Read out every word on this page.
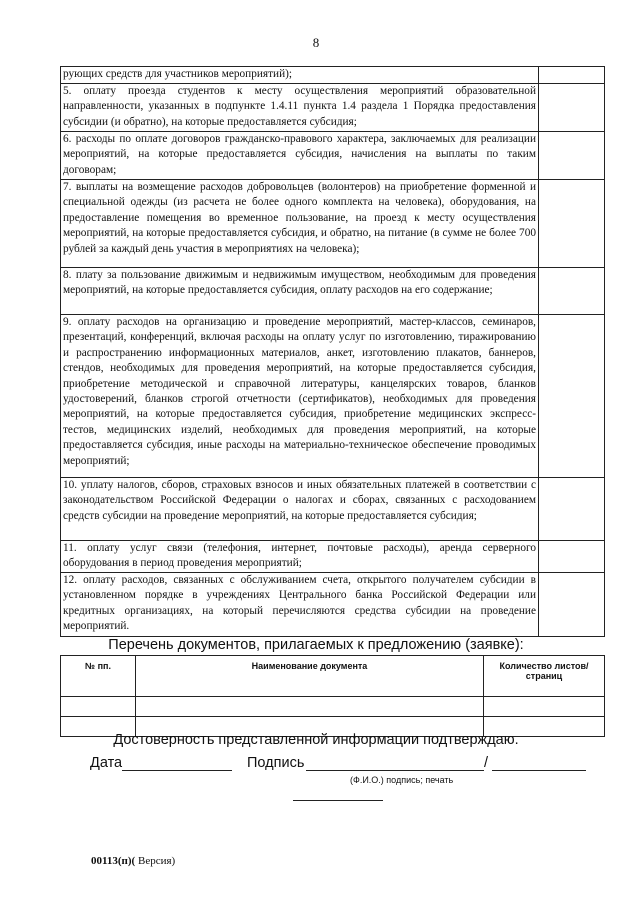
8
рующих средств для участников мероприятий);	
5. оплату проезда студентов к месту осуществления мероприятий образовательной направленности, указанных в подпункте 1.4.11 пункта 1.4 раздела 1 Порядка предоставления субсидии (и обратно), на которые предоставляется субсидия;	
6. расходы по оплате договоров гражданско-правового характера, заключаемых для реализации мероприятий, на которые предоставляется субсидия, начисления на выплаты по таким договорам;	
7. выплаты на возмещение расходов добровольцев (волонтеров) на приобретение форменной и специальной одежды (из расчета не более одного комплекта на человека), оборудования, на предоставление помещения во временное пользование, на проезд к месту осуществления мероприятий, на которые предоставляется субсидия, и обратно, на питание (в сумме не более 700 рублей за каждый день участия в мероприятиях на человека);	
8. плату за пользование движимым и недвижимым имуществом, необходимым для проведения мероприятий, на которые предоставляется субсидия, оплату расходов на его содержание;	
9. оплату расходов на организацию и проведение мероприятий, мастер-классов, семинаров, презентаций, конференций, включая расходы на оплату услуг по изготовлению, тиражированию и распространению информационных материалов, анкет, изготовлению плакатов, баннеров, стендов, необходимых для проведения мероприятий, на которые предоставляется субсидия, приобретение методической и справочной литературы, канцелярских товаров, бланков удостоверений, бланков строгой отчетности (сертификатов), необходимых для проведения мероприятий, на которые предоставляется субсидия, приобретение медицинских экспресс-тестов, медицинских изделий, необходимых для проведения мероприятий, на которые предоставляется субсидия, иные расходы на материально-техническое обеспечение проводимых мероприятий;	
10. уплату налогов, сборов, страховых взносов и иных обязательных платежей в соответствии с законодательством Российской Федерации о налогах и сборах, связанных с расходованием средств субсидии на проведение мероприятий, на которые предоставляется субсидия;	
11. оплату услуг связи (телефония, интернет, почтовые расходы), аренда серверного оборудования в период проведения мероприятий;	
12. оплату расходов, связанных с обслуживанием счета, открытого получателем субсидии в установленном порядке в учреждениях Центрального банка Российской Федерации или кредитных организациях, на который перечисляются средства субсидии на проведение мероприятий.	
Перечень документов, прилагаемых к предложению (заявке):
№ пп.	Наименование документа	Количество листов/страниц

Достоверность представленной информации подтверждаю.
Дата	Подпись	/
(Ф.И.О.) подпись; печать
00113(п)( Версия)
